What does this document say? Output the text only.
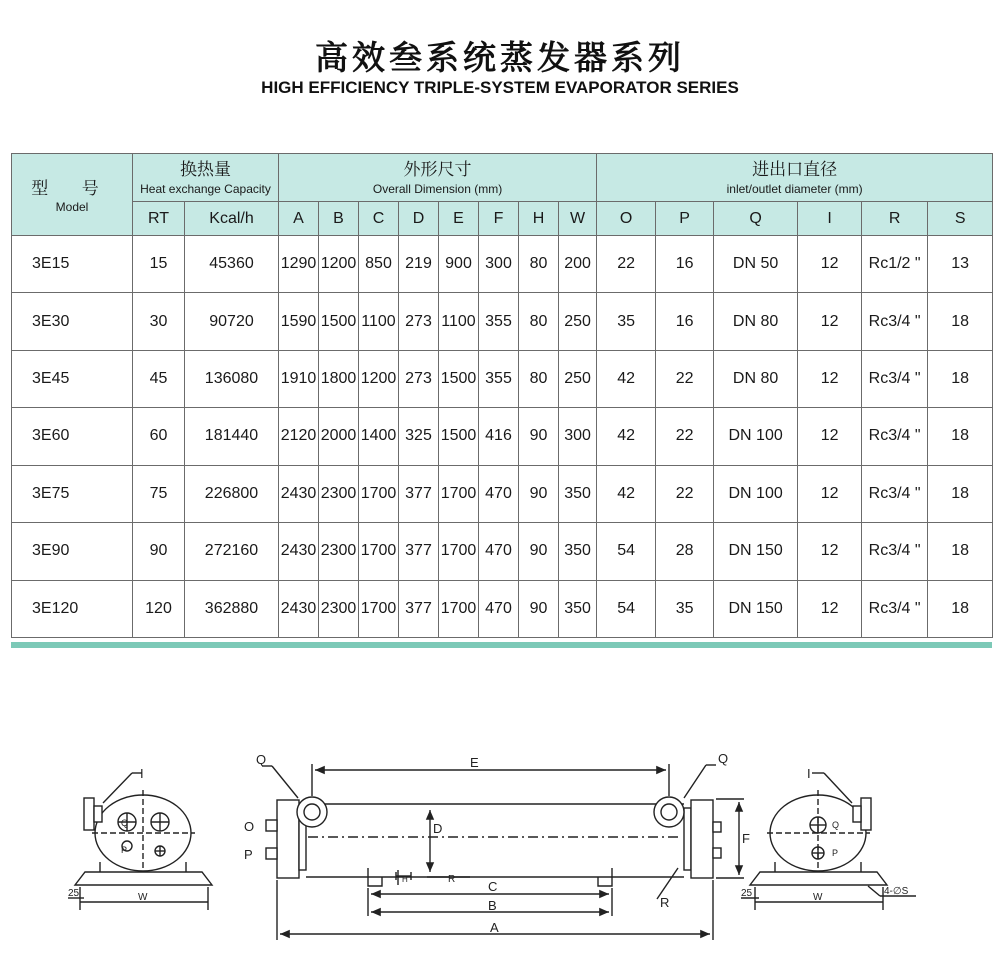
高效叁系统蒸发器系列
HIGH EFFICIENCY TRIPLE-SYSTEM EVAPORATOR SERIES
型 号
Model	换热量
Heat exchange Capacity		外形尺寸
Overall Dimension (mm)								进出口直径
inlet/outlet diameter (mm)					

	RT	Kcal/h	A	B	C	D	E	F	H	W	O	P	Q	I	R	S
3E15	15	45360	1290	1200	850	219	900	300	80	200	22	16	DN 50	12	Rc1/2 "	13
3E30	30	90720	1590	1500	1100	273	1100	355	80	250	35	16	DN 80	12	Rc3/4 "	18
3E45	45	136080	1910	1800	1200	273	1500	355	80	250	42	22	DN 80	12	Rc3/4 "	18
3E60	60	181440	2120	2000	1400	325	1500	416	90	300	42	22	DN 100	12	Rc3/4 "	18
3E75	75	226800	2430	2300	1700	377	1700	470	90	350	42	22	DN 100	12	Rc3/4 "	18
3E90	90	272160	2430	2300	1700	377	1700	470	90	350	54	28	DN 150	12	Rc3/4 "	18
3E120	120	362880	2430	2300	1700	377	1700	470	90	350	54	35	DN 150	12	Rc3/4 "	18
I
Q
P
W
25
Q	Q
O
P
E
D
F
C
B
A
R
R
H
I
Q
P
W
25	4-∅S
